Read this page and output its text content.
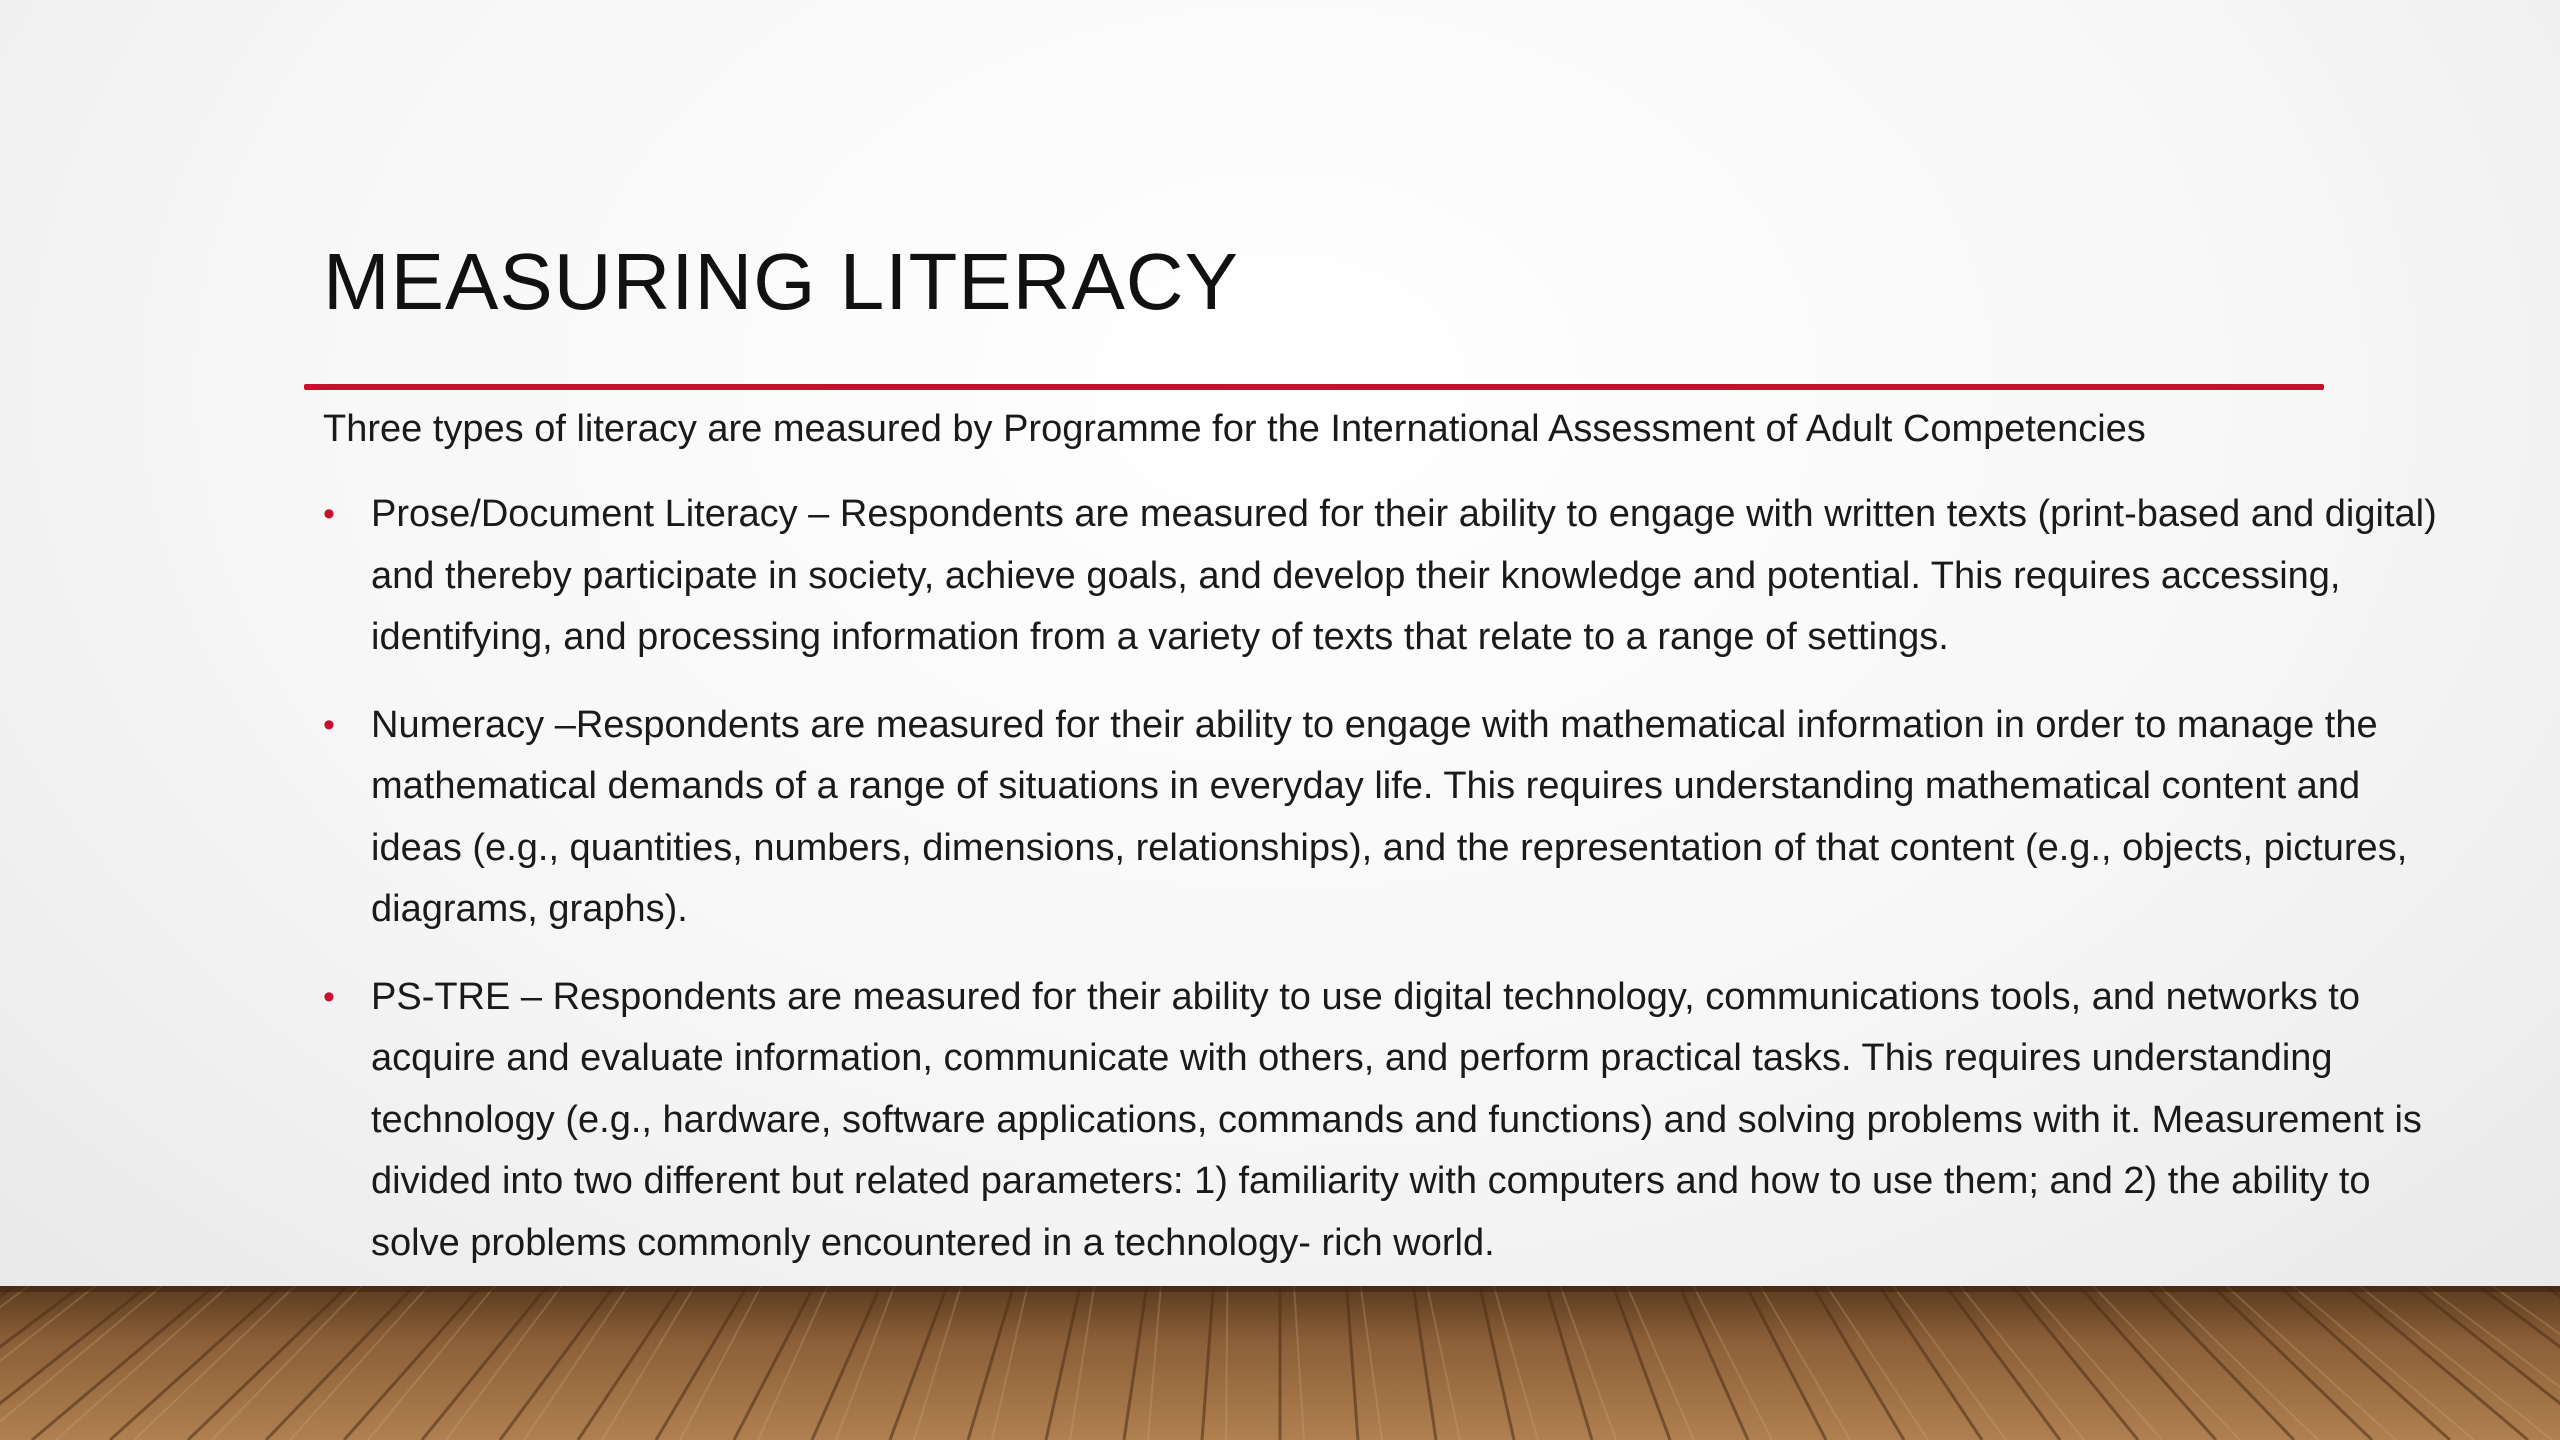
MEASURING LITERACY

Three types of literacy are measured by Programme for the International Assessment of Adult Competencies

• Prose/Document Literacy – Respondents are measured for their ability to engage with written texts (print-based and digital) and thereby participate in society, achieve goals, and develop their knowledge and potential. This requires accessing, identifying, and processing information from a variety of texts that relate to a range of settings.
• Numeracy –Respondents are measured for their ability to engage with mathematical information in order to manage the mathematical demands of a range of situations in everyday life. This requires understanding mathematical content and ideas (e.g., quantities, numbers, dimensions, relationships), and the representation of that content (e.g., objects, pictures, diagrams, graphs).
• PS-TRE – Respondents are measured for their ability to use digital technology, communications tools, and networks to acquire and evaluate information, communicate with others, and perform practical tasks. This requires understanding technology (e.g., hardware, software applications, commands and functions) and solving problems with it. Measurement is divided into two different but related parameters: 1) familiarity with computers and how to use them; and 2) the ability to solve problems commonly encountered in a technology- rich world.
